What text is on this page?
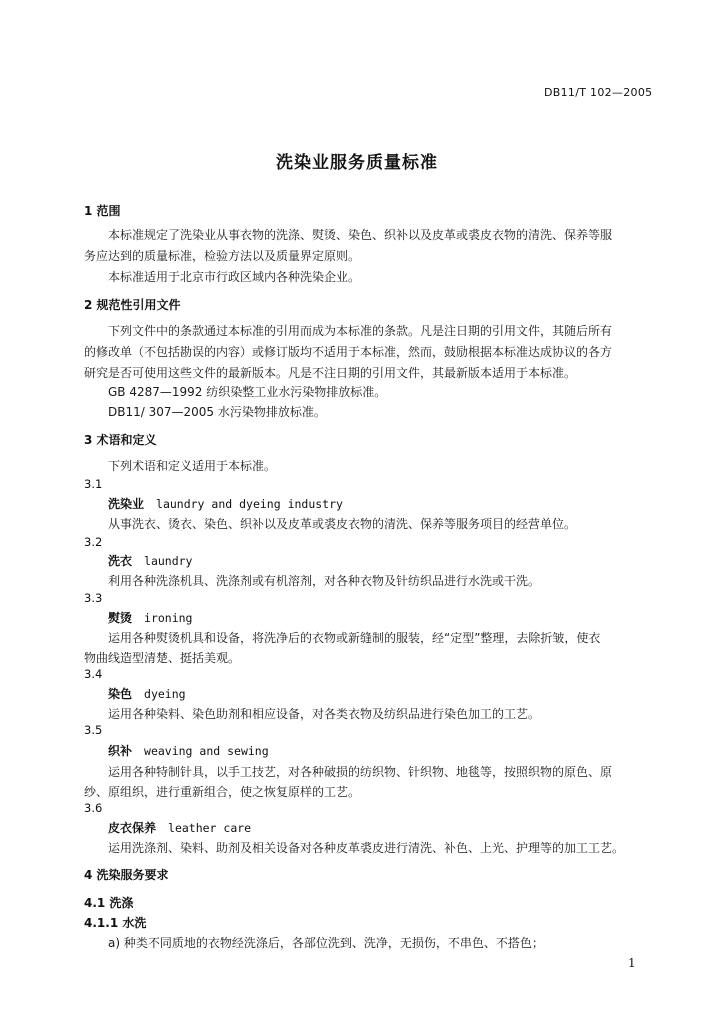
DB11/T 102—2005
洗染业服务质量标准
1 范围
本标准规定了洗染业从事衣物的洗涤、熨烫、染色、织补以及皮革或裘皮衣物的清洗、保养等服
务应达到的质量标准，检验方法以及质量界定原则。
本标准适用于北京市行政区域内各种洗染企业。
2 规范性引用文件
下列文件中的条款通过本标准的引用而成为本标准的条款。凡是注日期的引用文件，其随后所有
的修改单（不包括勘误的内容）或修订版均不适用于本标准，然而，鼓励根据本标准达成协议的各方
研究是否可使用这些文件的最新版本。凡是不注日期的引用文件，其最新版本适用于本标准。
GB 4287—1992 纺织染整工业水污染物排放标准。
DB11/ 307—2005 水污染物排放标准。
3 术语和定义
下列术语和定义适用于本标准。
3.1
洗染业 laundry and dyeing industry
从事洗衣、烫衣、染色、织补以及皮革或裘皮衣物的清洗、保养等服务项目的经营单位。
3.2
洗衣 laundry
利用各种洗涤机具、洗涤剂或有机溶剂，对各种衣物及针纺织品进行水洗或干洗。
3.3
熨烫 ironing
运用各种熨烫机具和设备，将洗净后的衣物或新缝制的服装，经“定型”整理，去除折皱，使衣
物曲线造型清楚、挺括美观。
3.4
染色 dyeing
运用各种染料、染色助剂和相应设备，对各类衣物及纺织品进行染色加工的工艺。
3.5
织补 weaving and sewing
运用各种特制针具，以手工技艺，对各种破损的纺织物、针织物、地毯等，按照织物的原色、原
纱、原组织，进行重新组合，使之恢复原样的工艺。
3.6
皮衣保养 leather care
运用洗涤剂、染料、助剂及相关设备对各种皮革裘皮进行清洗、补色、上光、护理等的加工工艺。
4 洗染服务要求
4.1 洗涤
4.1.1 水洗
a) 种类不同质地的衣物经洗涤后，各部位洗到、洗净，无损伤，不串色、不搭色；
1
